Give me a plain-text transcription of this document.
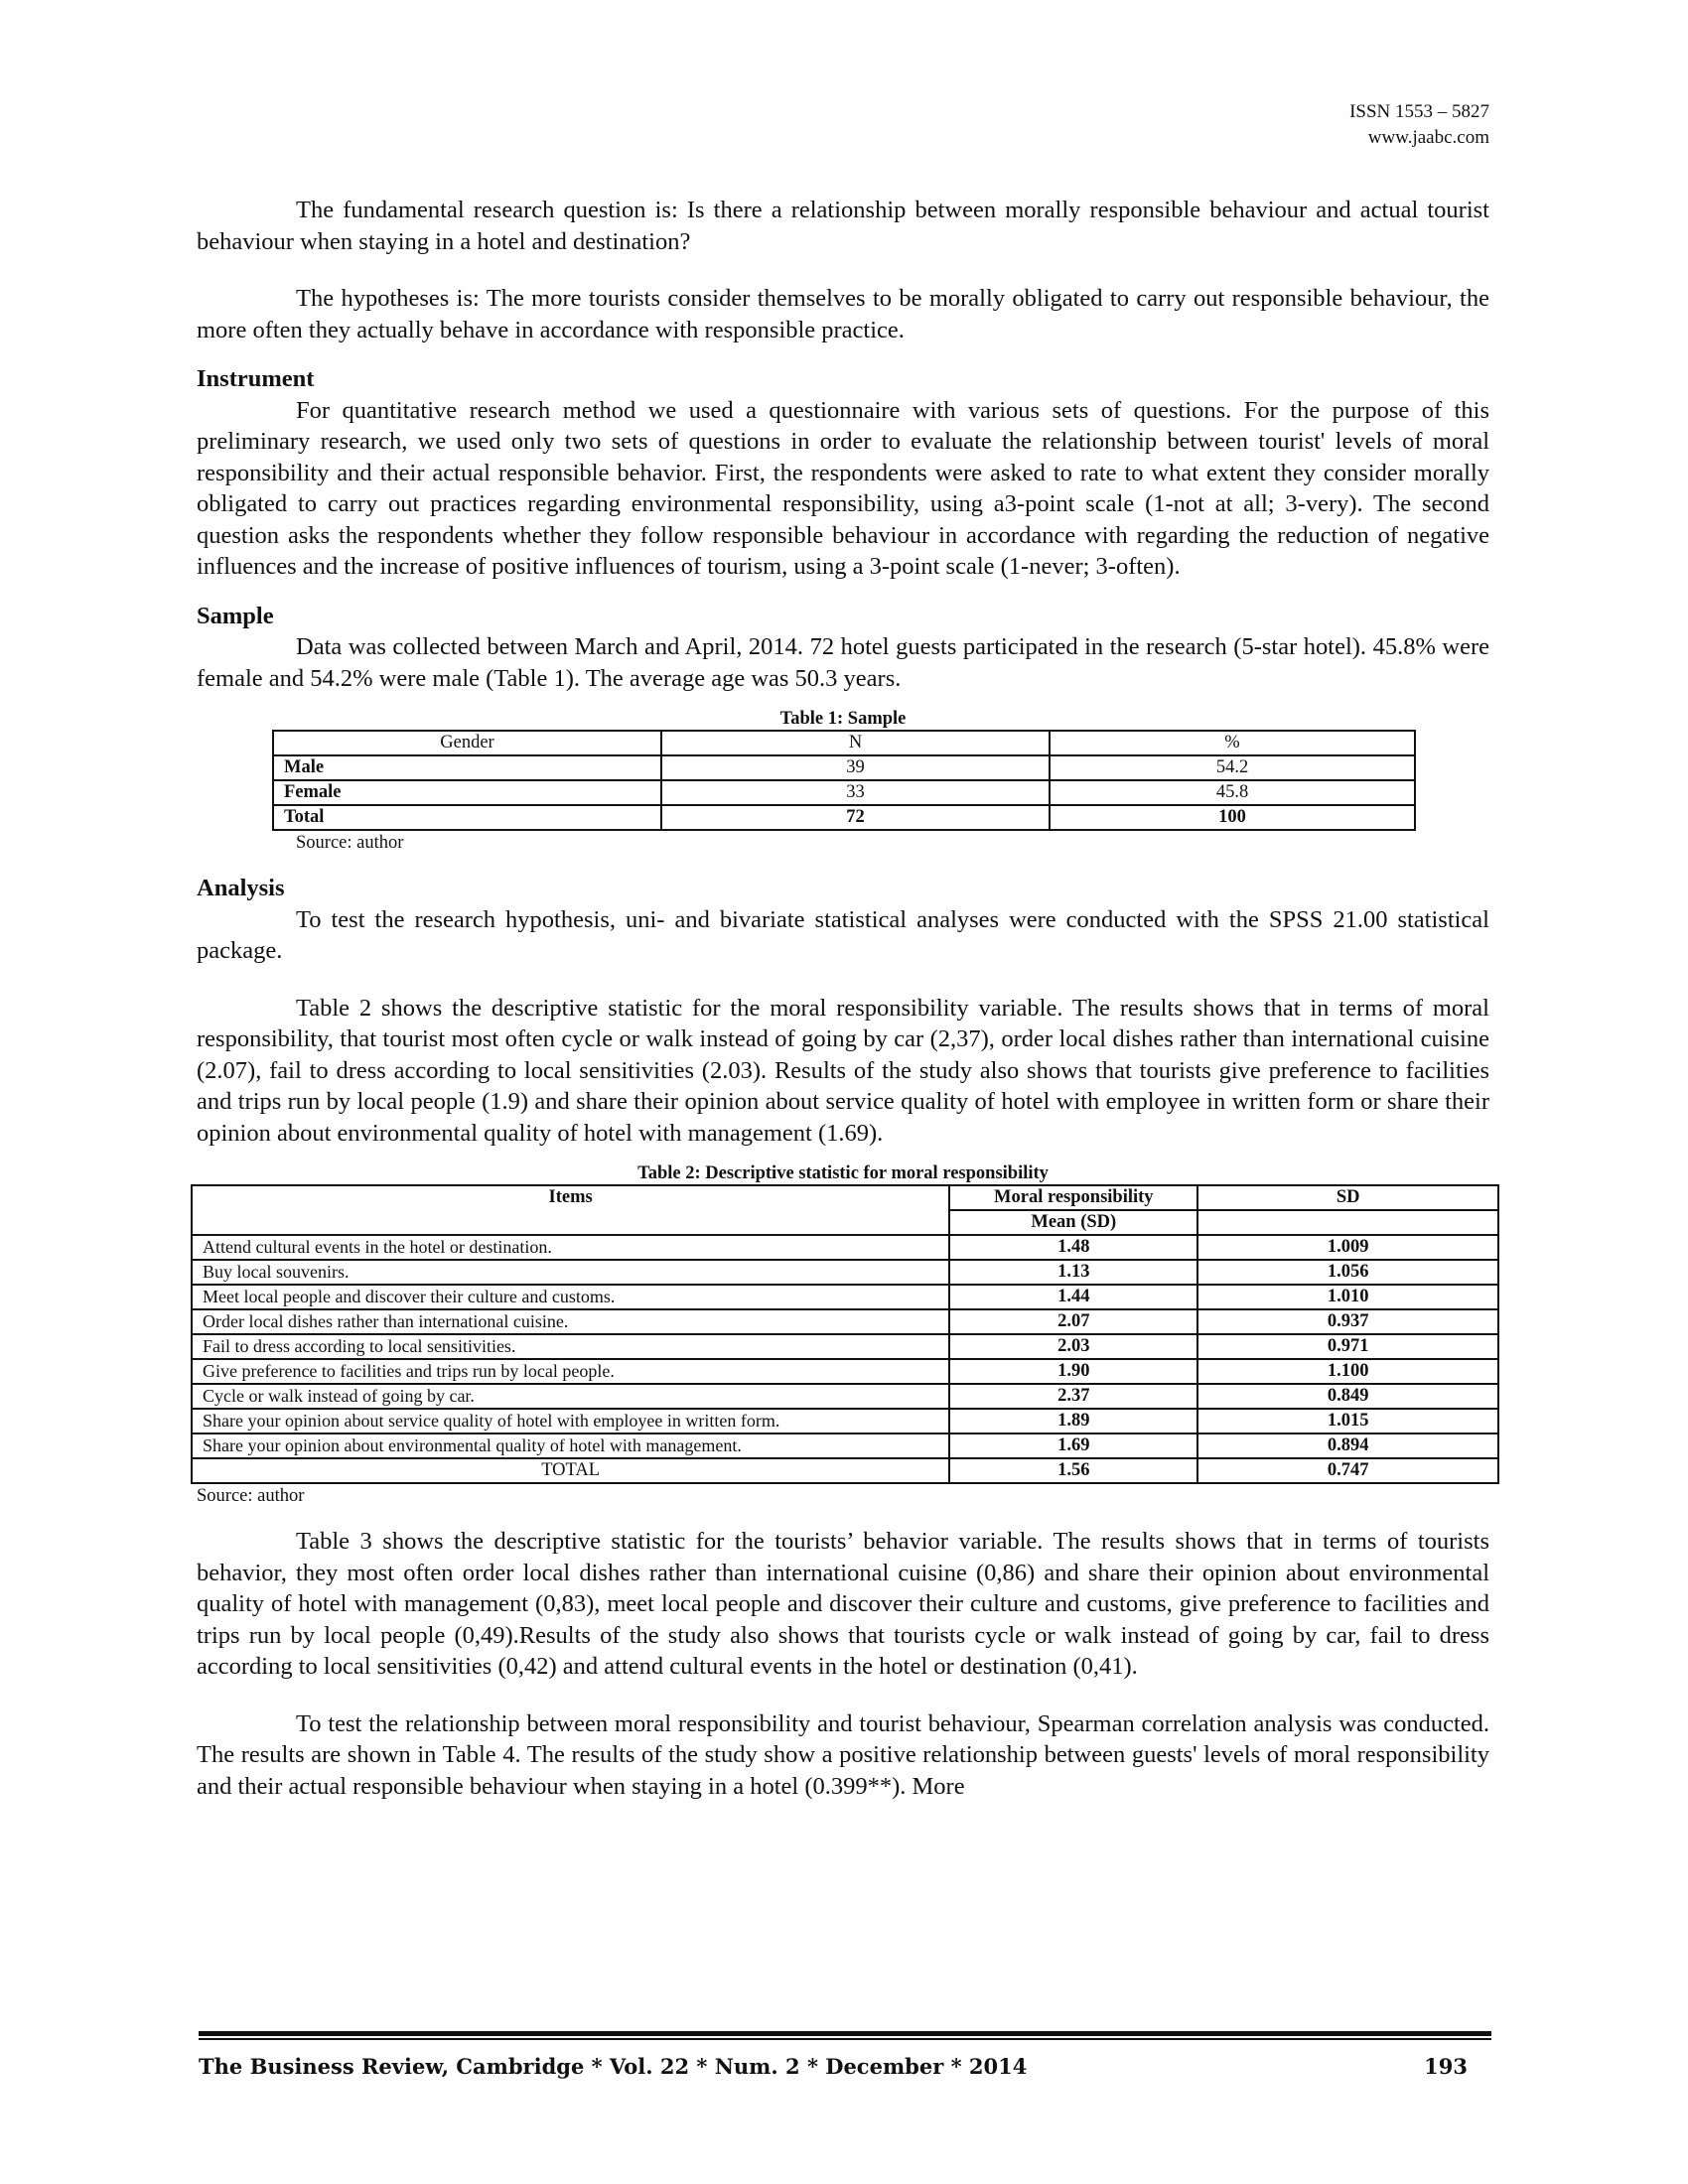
ISSN 1553 – 5827
www.jaabc.com

The fundamental research question is: Is there a relationship between morally responsible behaviour and actual tourist behaviour when staying in a hotel and destination?

The hypotheses is: The more tourists consider themselves to be morally obligated to carry out responsible behaviour, the more often they actually behave in accordance with responsible practice.

Instrument

For quantitative research method we used a questionnaire with various sets of questions. For the purpose of this preliminary research, we used only two sets of questions in order to evaluate the relationship between tourist' levels of moral responsibility and their actual responsible behavior. First, the respondents were asked to rate to what extent they consider morally obligated to carry out practices regarding environmental responsibility, using a3-point scale (1-not at all; 3-very). The second question asks the respondents whether they follow responsible behaviour in accordance with regarding the reduction of negative influences and the increase of positive influences of tourism, using a 3-point scale (1-never; 3-often).

Sample

Data was collected between March and April, 2014. 72 hotel guests participated in the research (5-star hotel). 45.8% were female and 54.2% were male (Table 1). The average age was 50.3 years.

Table 1: Sample
Gender	N	%
Male	39	54.2
Female	33	45.8
Total	72	100
Source: author
Analysis

To test the research hypothesis, uni- and bivariate statistical analyses were conducted with the SPSS 21.00 statistical package.

Table 2 shows the descriptive statistic for the moral responsibility variable. The results shows that in terms of moral responsibility, that tourist most often cycle or walk instead of going by car (2,37), order local dishes rather than international cuisine (2.07), fail to dress according to local sensitivities (2.03). Results of the study also shows that tourists give preference to facilities and trips run by local people (1.9) and share their opinion about service quality of hotel with employee in written form or share their opinion about environmental quality of hotel with management (1.69).

Table 2: Descriptive statistic for moral responsibility
Items	Moral responsibility	SD
	Mean (SD)	
Attend cultural events in the hotel or destination.	1.48	1.009
Buy local souvenirs.	1.13	1.056
Meet local people and discover their culture and customs.	1.44	1.010
Order local dishes rather than international cuisine.	2.07	0.937
Fail to dress according to local sensitivities.	2.03	0.971
Give preference to facilities and trips run by local people.	1.90	1.100
Cycle or walk instead of going by car.	2.37	0.849
Share your opinion about service quality of hotel with employee in written form.	1.89	1.015
Share your opinion about environmental quality of hotel with management.	1.69	0.894
TOTAL	1.56	0.747
Source: author

Table 3 shows the descriptive statistic for the tourists’ behavior variable. The results shows that in terms of tourists behavior, they most often order local dishes rather than international cuisine (0,86) and share their opinion about environmental quality of hotel with management (0,83), meet local people and discover their culture and customs, give preference to facilities and trips run by local people (0,49).Results of the study also shows that tourists cycle or walk instead of going by car, fail to dress according to local sensitivities (0,42) and attend cultural events in the hotel or destination (0,41).

To test the relationship between moral responsibility and tourist behaviour, Spearman correlation analysis was conducted. The results are shown in Table 4. The results of the study show a positive relationship between guests' levels of moral responsibility and their actual responsible behaviour when staying in a hotel (0.399**). More

The Business Review, Cambridge * Vol. 22 * Num. 2 * December * 2014	193
